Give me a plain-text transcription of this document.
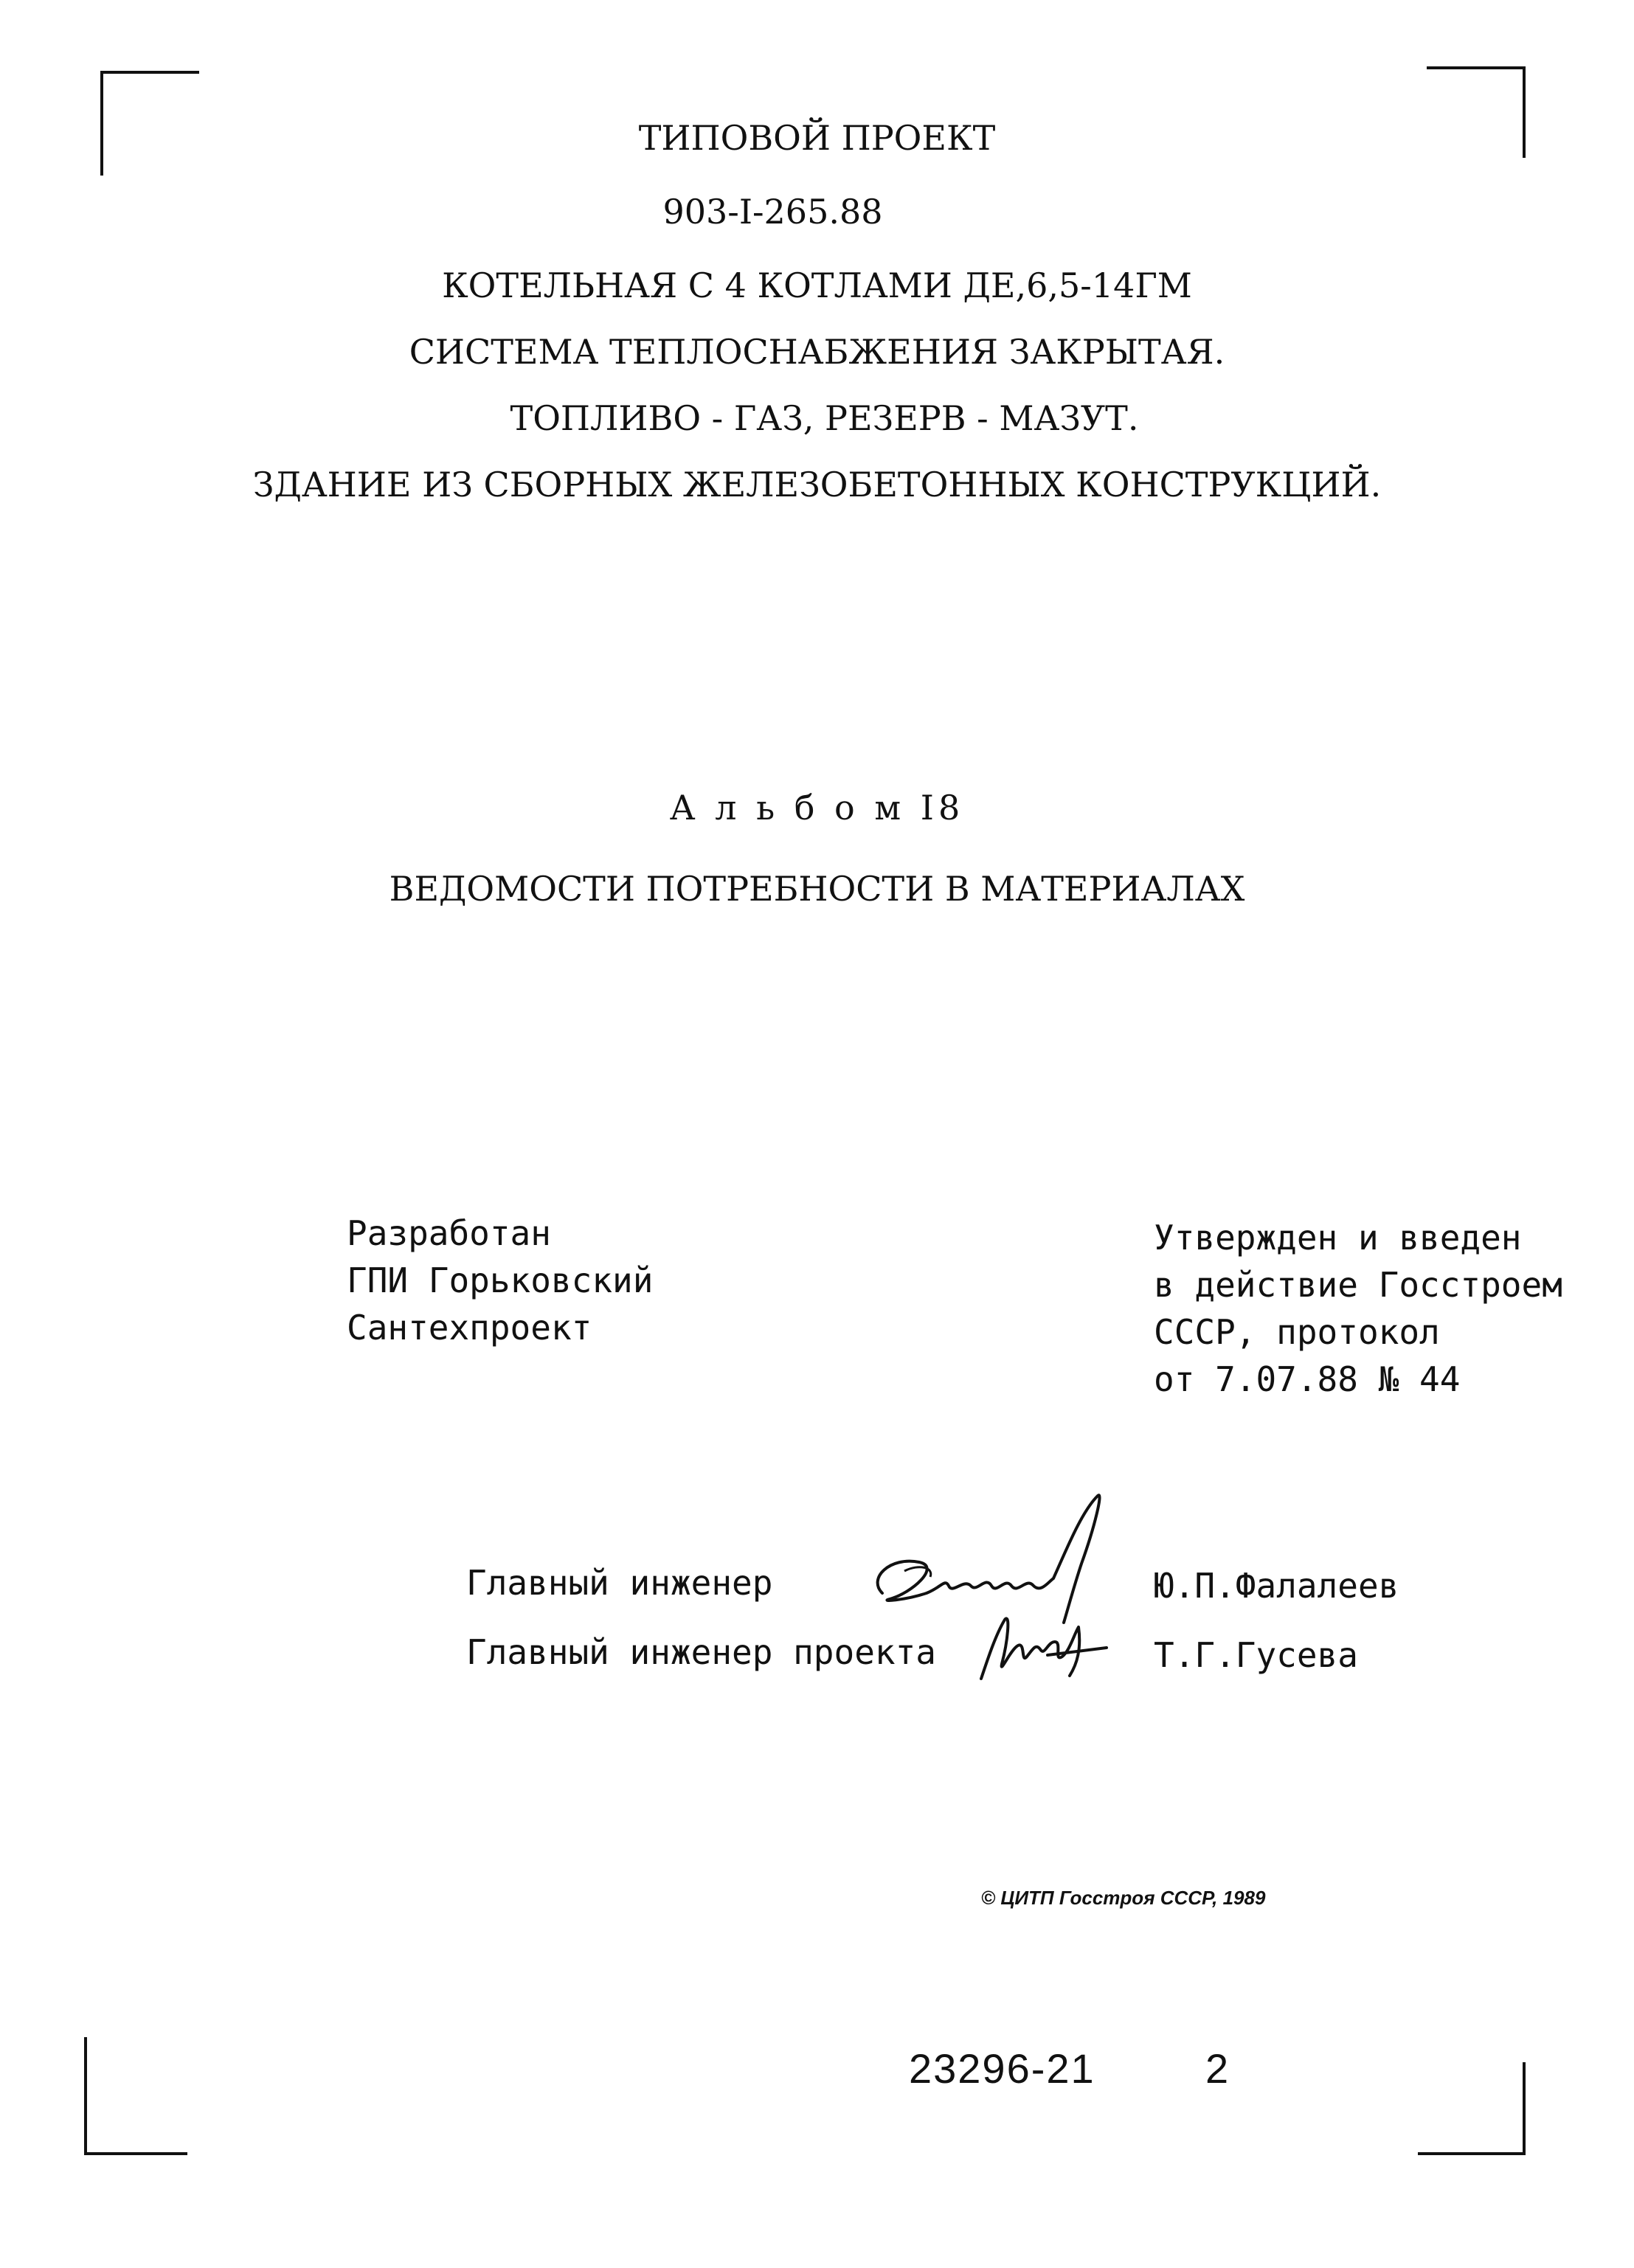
ТИПОВОЙ ПРОЕКТ
903-I-265.88
КОТЕЛЬНАЯ С 4 КОТЛАМИ ДЕ,6,5-14ГМ
СИСТЕМА ТЕПЛОСНАБЖЕНИЯ ЗАКРЫТАЯ.
ТОПЛИВО - ГАЗ, РЕЗЕРВ - МАЗУТ.
ЗДАНИЕ ИЗ СБОРНЫХ ЖЕЛЕЗОБЕТОННЫХ КОНСТРУКЦИЙ.
А л ь б о м I8
ВЕДОМОСТИ ПОТРЕБНОСТИ В МАТЕРИАЛАХ
Разработан
ГПИ Горьковский
Сантехпроект
Утвержден и введен
в действие Госстроем
СССР, протокол
от 7.07.88 № 44
Главный инженер	Ю.П.Фалалеев
Главный инженер проекта	Т.Г.Гусева
© ЦИТП Госстроя СССР, 1989
23296-21	2
